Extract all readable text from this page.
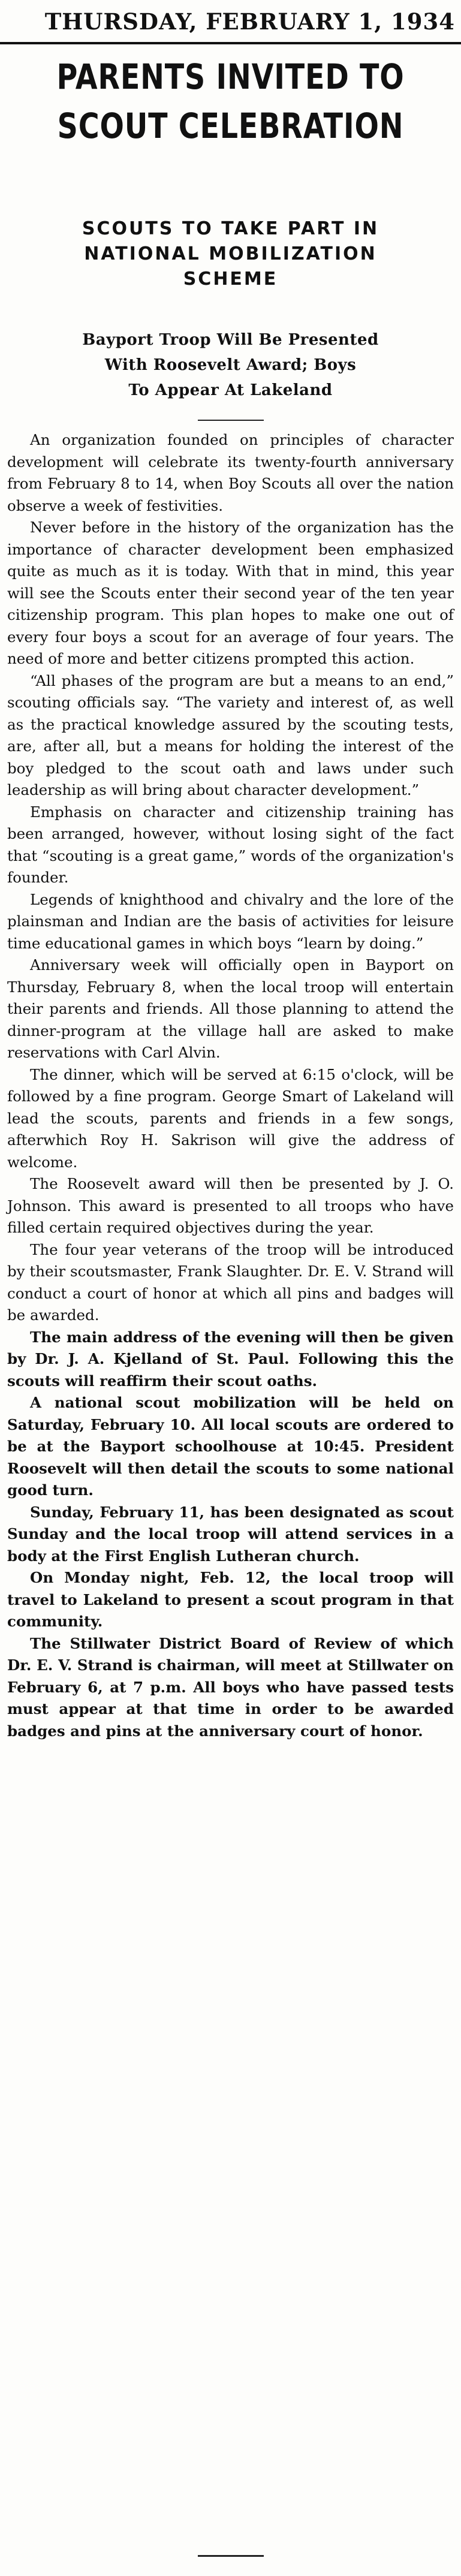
THURSDAY, FEBRUARY 1, 1934
PARENTS INVITED TO
SCOUT CELEBRATION
SCOUTS TO TAKE PART IN
NATIONAL MOBILIZATION
SCHEME
Bayport Troop Will Be Presented
With Roosevelt Award; Boys
To Appear At Lakeland

An organization founded on principles of character development will celebrate its twenty-fourth anniversary from February 8 to 14, when Boy Scouts all over the nation observe a week of festivities.

Never before in the history of the organization has the importance of character development been emphasized quite as much as it is today. With that in mind, this year will see the Scouts enter their second year of the ten year citizenship program. This plan hopes to make one out of every four boys a scout for an average of four years. The need of more and better citizens prompted this action.

“All phases of the program are but a means to an end,” scouting officials say. “The variety and interest of, as well as the practical knowledge assured by the scouting tests, are, after all, but a means for holding the interest of the boy pledged to the scout oath and laws under such leadership as will bring about character development.”

Emphasis on character and citizenship training has been arranged, however, without losing sight of the fact that “scouting is a great game,” words of the organization's founder.

Legends of knighthood and chivalry and the lore of the plainsman and Indian are the basis of activities for leisure time educational games in which boys “learn by doing.”

Anniversary week will officially open in Bayport on Thursday, February 8, when the local troop will entertain their parents and friends. All those planning to attend the dinner-program at the village hall are asked to make reservations with Carl Alvin.

The dinner, which will be served at 6:15 o'clock, will be followed by a fine program. George Smart of Lakeland will lead the scouts, parents and friends in a few songs, afterwhich Roy H. Sakrison will give the address of welcome.

The Roosevelt award will then be presented by J. O. Johnson. This award is presented to all troops who have filled certain required objectives during the year.

The four year veterans of the troop will be introduced by their scoutsmaster, Frank Slaughter. Dr. E. V. Strand will conduct a court of honor at which all pins and badges will be awarded.

The main address of the evening will then be given by Dr. J. A. Kjelland of St. Paul. Following this the scouts will reaffirm their scout oaths.

A national scout mobilization will be held on Saturday, February 10. All local scouts are ordered to be at the Bayport schoolhouse at 10:45. President Roosevelt will then detail the scouts to some national good turn.

Sunday, February 11, has been designated as scout Sunday and the local troop will attend services in a body at the First English Lutheran church.

On Monday night, Feb. 12, the local troop will travel to Lakeland to present a scout program in that community.

The Stillwater District Board of Review of which Dr. E. V. Strand is chairman, will meet at Stillwater on February 6, at 7 p.m. All boys who have passed tests must appear at that time in order to be awarded badges and pins at the anniversary court of honor.
